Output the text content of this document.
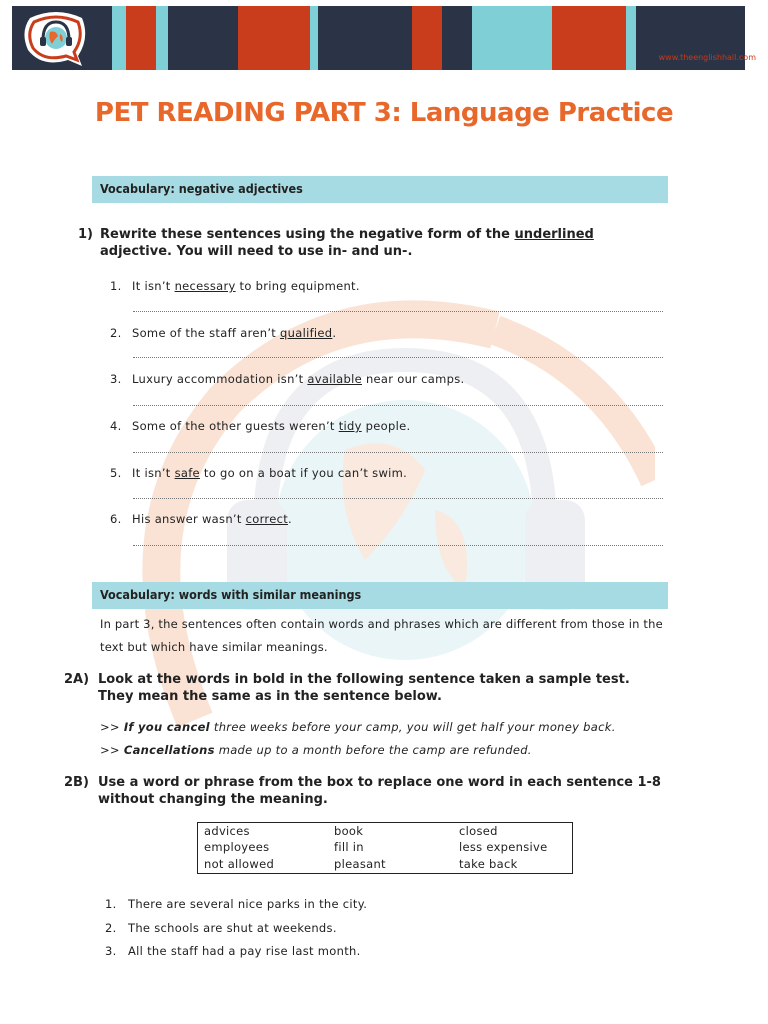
www.theenglishhall.com
PET READING PART 3: Language Practice
Vocabulary: negative adjectives
1) Rewrite these sentences using the negative form of the underlined adjective. You will need to use in- and un-.
1. It isn’t necessary to bring equipment.
2. Some of the staff aren’t qualified.
3. Luxury accommodation isn’t available near our camps.
4. Some of the other guests weren’t tidy people.
5. It isn’t safe to go on a boat if you can’t swim.
6. His answer wasn’t correct.
Vocabulary: words with similar meanings
In part 3, the sentences often contain words and phrases which are different from those in the text but which have similar meanings.
2A) Look at the words in bold in the following sentence taken a sample test. They mean the same as in the sentence below.
>> If you cancel three weeks before your camp, you will get half your money back.
>> Cancellations made up to a month before the camp are refunded.
2B) Use a word or phrase from the box to replace one word in each sentence 1-8 without changing the meaning.
advices	book	closed
employees	fill in	less expensive
not allowed	pleasant	take back
1. There are several nice parks in the city.
2. The schools are shut at weekends.
3. All the staff had a pay rise last month.
